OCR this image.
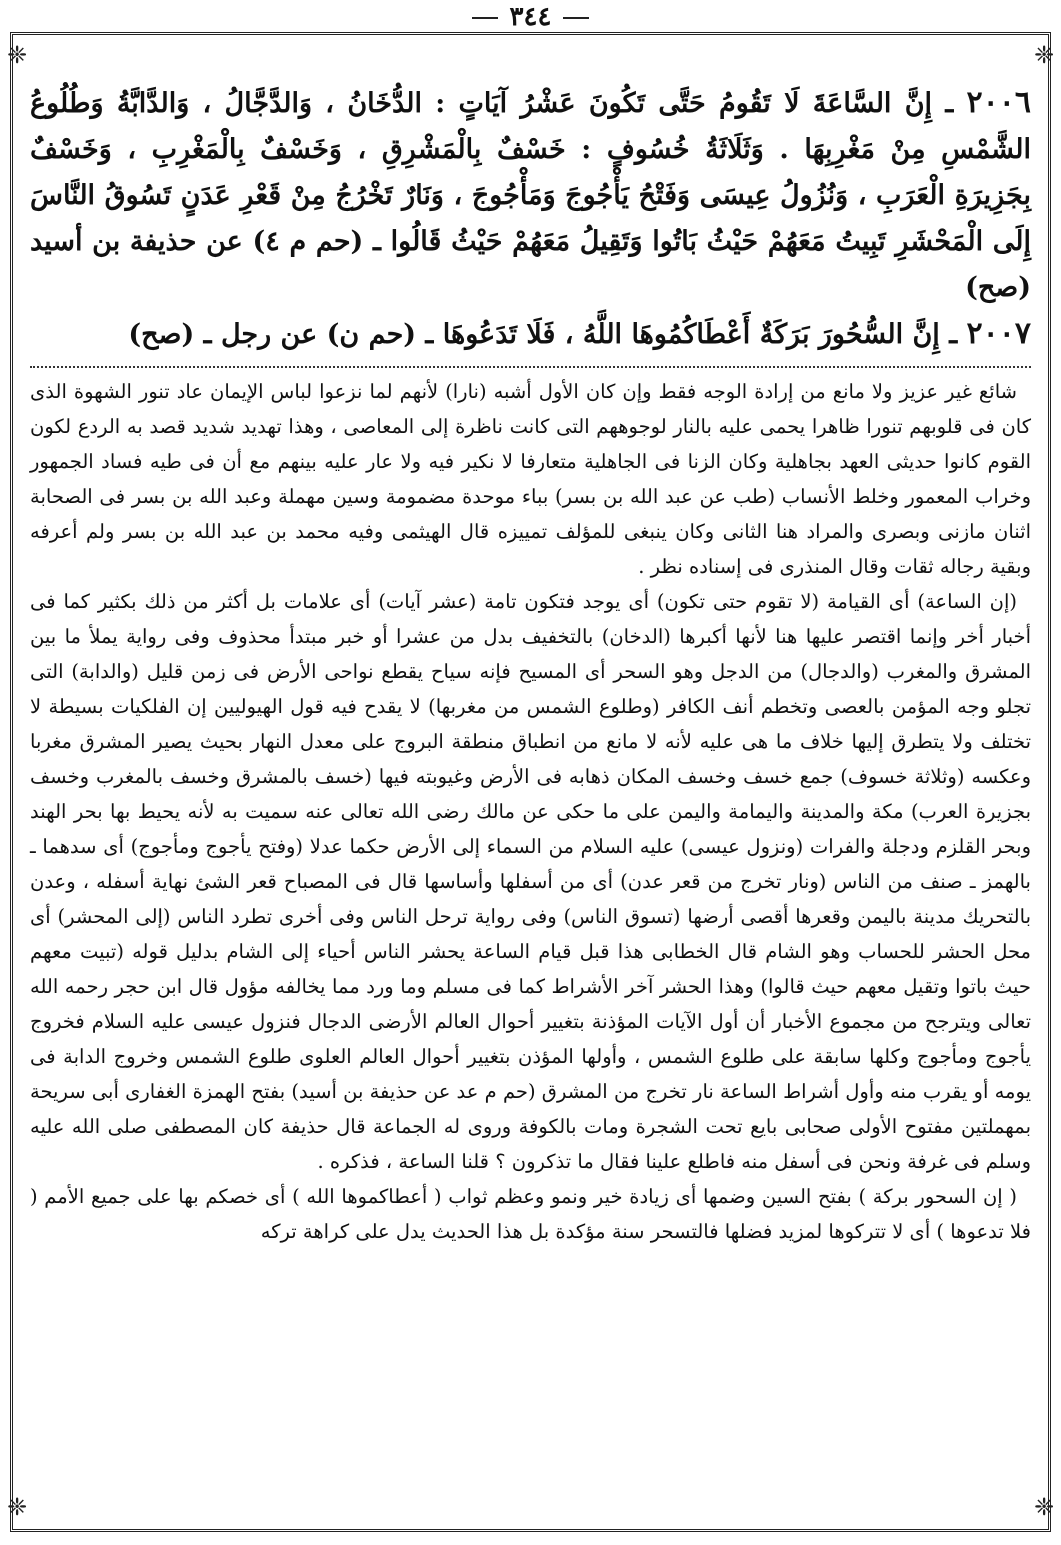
٣٤٤
❈	❈
❈	❈

٢٠٠٦ ـ إِنَّ السَّاعَةَ لَا تَقُومُ حَتَّى تَكُونَ عَشْرُ آيَاتٍ : الدُّخَانُ ، وَالدَّجَّالُ ، وَالدَّابَّةُ وَطُلُوعُ الشَّمْسِ مِنْ مَغْرِبِهَا . وَثَلَاثَةُ خُسُوفٍ : خَسْفٌ بِالْمَشْرِقِ ، وَخَسْفٌ بِالْمَغْرِبِ ، وَخَسْفٌ بِجَزِيرَةِ الْعَرَبِ ، وَنُزُولُ عِيسَى وَفَتْحُ يَأْجُوجَ وَمَأْجُوجَ ، وَنَارٌ تَخْرُجُ مِنْ قَعْرِ عَدَنٍ تَسُوقُ النَّاسَ إِلَى الْمَحْشَرِ تَبِيتُ مَعَهُمْ حَيْثُ بَاتُوا وَتَقِيلُ مَعَهُمْ حَيْثُ قَالُوا ـ (حم م ٤) عن حذيفة بن أسيد (صح)

٢٠٠٧ ـ إِنَّ السُّحُورَ بَرَكَةٌ أَعْطَاكُمُوهَا اللَّهُ ، فَلَا تَدَعُوهَا ـ (حم ن) عن رجل ـ (صح)

شائع غير عزيز ولا مانع من إرادة الوجه فقط وإن كان الأول أشبه (نارا) لأنهم لما نزعوا لباس الإيمان عاد تنور الشهوة الذى كان فى قلوبهم تنورا ظاهرا يحمى عليه بالنار لوجوههم التى كانت ناظرة إلى المعاصى ، وهذا تهديد شديد قصد به الردع لكون القوم كانوا حديثى العهد بجاهلية وكان الزنا فى الجاهلية متعارفا لا نكير فيه ولا عار عليه بينهم مع أن فى طيه فساد الجمهور وخراب المعمور وخلط الأنساب (طب عن عبد الله بن بسر) بباء موحدة مضمومة وسين مهملة وعبد الله بن بسر فى الصحابة اثنان مازنى وبصرى والمراد هنا الثانى وكان ينبغى للمؤلف تمييزه قال الهيثمى وفيه محمد بن عبد الله بن بسر ولم أعرفه وبقية رجاله ثقات وقال المنذرى فى إسناده نظر .

(إن الساعة) أى القيامة (لا تقوم حتى تكون) أى يوجد فتكون تامة (عشر آيات) أى علامات بل أكثر من ذلك بكثير كما فى أخبار أخر وإنما اقتصر عليها هنا لأنها أكبرها (الدخان) بالتخفيف بدل من عشرا أو خبر مبتدأ محذوف وفى رواية يملأ ما بين المشرق والمغرب (والدجال) من الدجل وهو السحر أى المسيح فإنه سياح يقطع نواحى الأرض فى زمن قليل (والدابة) التى تجلو وجه المؤمن بالعصى وتخطم أنف الكافر (وطلوع الشمس من مغربها) لا يقدح فيه قول الهيوليين إن الفلكيات بسيطة لا تختلف ولا يتطرق إليها خلاف ما هى عليه لأنه لا مانع من انطباق منطقة البروج على معدل النهار بحيث يصير المشرق مغربا وعكسه (وثلاثة خسوف) جمع خسف وخسف المكان ذهابه فى الأرض وغيوبته فيها (خسف بالمشرق وخسف بالمغرب وخسف بجزيرة العرب) مكة والمدينة واليمامة واليمن على ما حكى عن مالك رضى الله تعالى عنه سميت به لأنه يحيط بها بحر الهند وبحر القلزم ودجلة والفرات (ونزول عيسى) عليه السلام من السماء إلى الأرض حكما عدلا (وفتح يأجوج ومأجوج) أى سدهما ـ بالهمز ـ صنف من الناس (ونار تخرج من قعر عدن) أى من أسفلها وأساسها قال فى المصباح قعر الشئ نهاية أسفله ، وعدن بالتحريك مدينة باليمن وقعرها أقصى أرضها (تسوق الناس) وفى رواية ترحل الناس وفى أخرى تطرد الناس (إلى المحشر) أى محل الحشر للحساب وهو الشام قال الخطابى هذا قبل قيام الساعة يحشر الناس أحياء إلى الشام بدليل قوله (تبيت معهم حيث باتوا وتقيل معهم حيث قالوا) وهذا الحشر آخر الأشراط كما فى مسلم وما ورد مما يخالفه مؤول قال ابن حجر رحمه الله تعالى ويترجح من مجموع الأخبار أن أول الآيات المؤذنة بتغيير أحوال العالم الأرضى الدجال فنزول عيسى عليه السلام فخروج يأجوج ومأجوج وكلها سابقة على طلوع الشمس ، وأولها المؤذن بتغيير أحوال العالم العلوى طلوع الشمس وخروج الدابة فى يومه أو يقرب منه وأول أشراط الساعة نار تخرج من المشرق (حم م عد عن حذيفة بن أسيد) بفتح الهمزة الغفارى أبى سريحة بمهملتين مفتوح الأولى صحابى بايع تحت الشجرة ومات بالكوفة وروى له الجماعة قال حذيفة كان المصطفى صلى الله عليه وسلم فى غرفة ونحن فى أسفل منه فاطلع علينا فقال ما تذكرون ؟ قلنا الساعة ، فذكره .

( إن السحور بركة ) بفتح السين وضمها أى زيادة خير ونمو وعظم ثواب ( أعطاكموها الله ) أى خصكم بها على جميع الأمم ( فلا تدعوها ) أى لا تتركوها لمزيد فضلها فالتسحر سنة مؤكدة بل هذا الحديث يدل على كراهة تركه
